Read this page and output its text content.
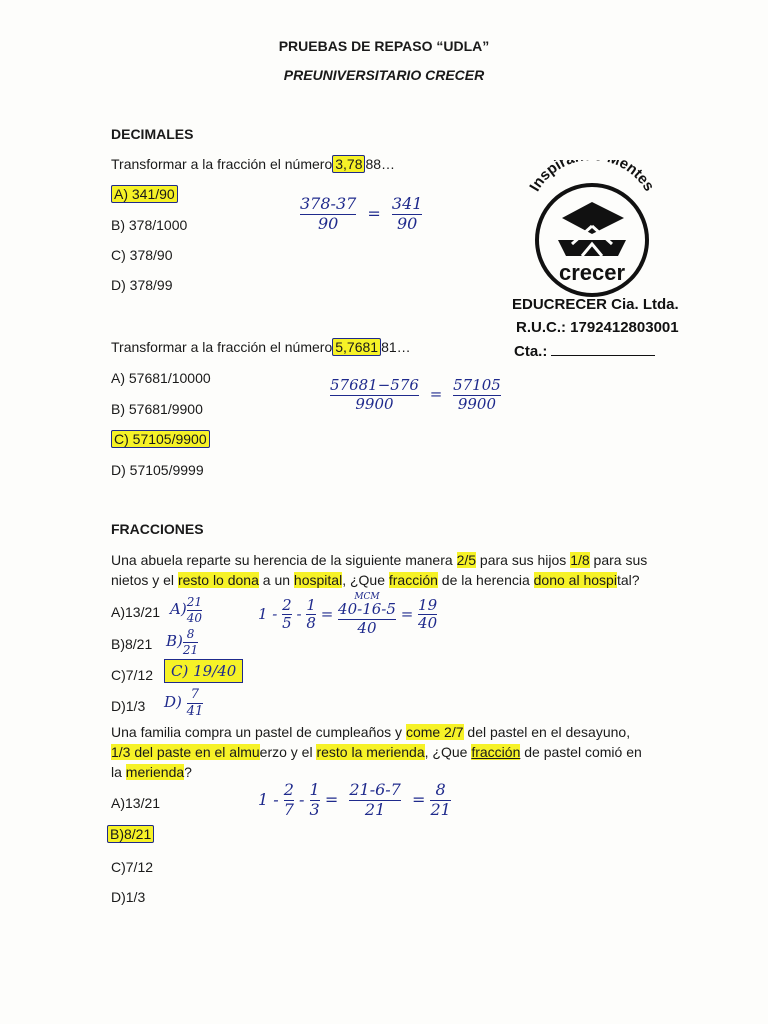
PRUEBAS DE REPASO “UDLA”
PREUNIVERSITARIO CRECER
DECIMALES
Transformar a la fracción el número 3,78 88…
A) 341/90
B) 378/1000
C) 378/90
D) 378/99
$\frac{378-37}{90} = \frac{341}{90}$
Transformar a la fracción el número 5,7681 81…
A) 57681/10000
B) 57681/9900
C) 57105/9900
D) 57105/9999
$\frac{57681-576}{9900} = \frac{57105}{9900}$
Inspir entes
crecer
EDUCRECER Cia. Ltda.
R.U.C.: 1792412803001
Cta.:
FRACCIONES
Una abuela reparte su herencia de la siguiente manera 2/5 para sus hijos 1/8 para sus
nietos y el resto lo dona a un hospital, ¿Que fracción de la herencia dono al hospital?
A)13/21
B)8/21
C)7/12
D)1/3
$A) \frac{21}{40}$
$B) \frac{8}{21}$
C) 19/40
$D) \frac{7}{41}$
$1 - \frac{2}{5} - \frac{1}{8}$ =
MCM
40-16-5
40
= $\frac{19}{40}$
Una familia compra un pastel de cumpleaños y come 2/7 del pastel en el desayuno,
1/3 del paste en el almuerzo y el resto la merienda, ¿Que fracción de pastel comió en
la merienda?
A)13/21
B)8/21
C)7/12
D)1/3
$1 - \frac{2}{7} - \frac{1}{3} = \frac{21-6-7}{21} = \frac{8}{21}$
